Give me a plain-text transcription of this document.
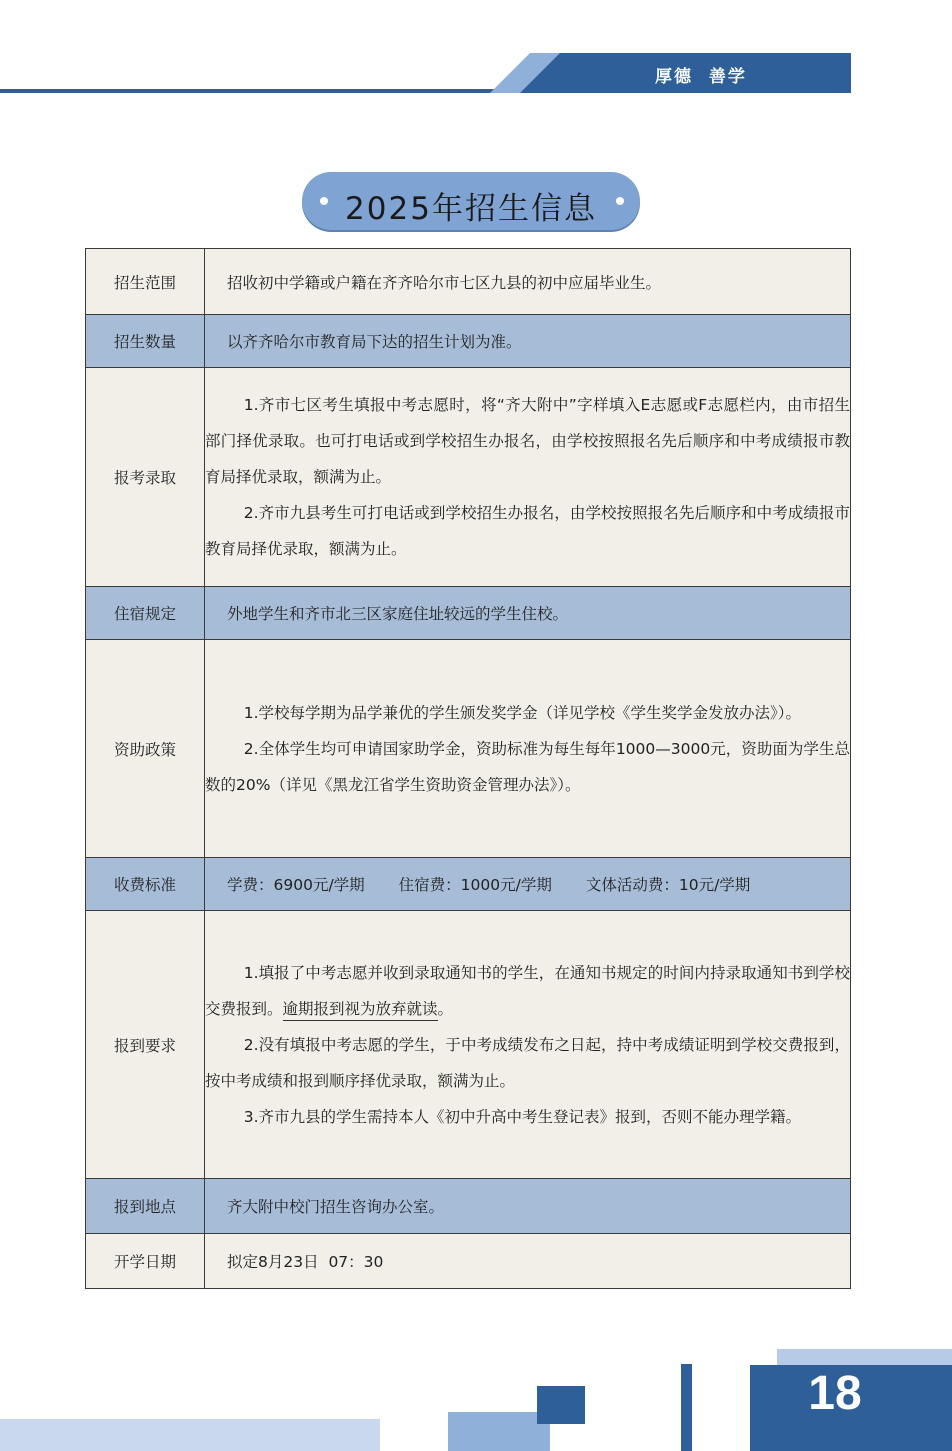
厚德  善学
2025年招生信息
招生范围	招收初中学籍或户籍在齐齐哈尔市七区九县的初中应届毕业生。

招生数量	以齐齐哈尔市教育局下达的招生计划为准。

报考录取	1.齐市七区考生填报中考志愿时，将“齐大附中”字样填入E志愿或F志愿栏内，由市招生部门择优录取。也可打电话或到学校招生办报名，由学校按照报名先后顺序和中考成绩报市教育局择优录取，额满为止。

2.齐市九县考生可打电话或到学校招生办报名，由学校按照报名先后顺序和中考成绩报市教育局择优录取，额满为止。

住宿规定	外地学生和齐市北三区家庭住址较远的学生住校。

资助政策	1.学校每学期为品学兼优的学生颁发奖学金（详见学校《学生奖学金发放办法》）。

2.全体学生均可申请国家助学金，资助标准为每生每年1000—3000元，资助面为学生总数的20%（详见《黑龙江省学生资助资金管理办法》）。

收费标准	学费：6900元/学期 住宿费：1000元/学期 文体活动费：10元/学期

报到要求	1.填报了中考志愿并收到录取通知书的学生，在通知书规定的时间内持录取通知书到学校交费报到。逾期报到视为放弃就读。

2.没有填报中考志愿的学生，于中考成绩发布之日起，持中考成绩证明到学校交费报到，按中考成绩和报到顺序择优录取，额满为止。

3.齐市九县的学生需持本人《初中升高中考生登记表》报到，否则不能办理学籍。

报到地点	齐大附中校门招生咨询办公室。

开学日期	拟定8月23日  07：30
18
